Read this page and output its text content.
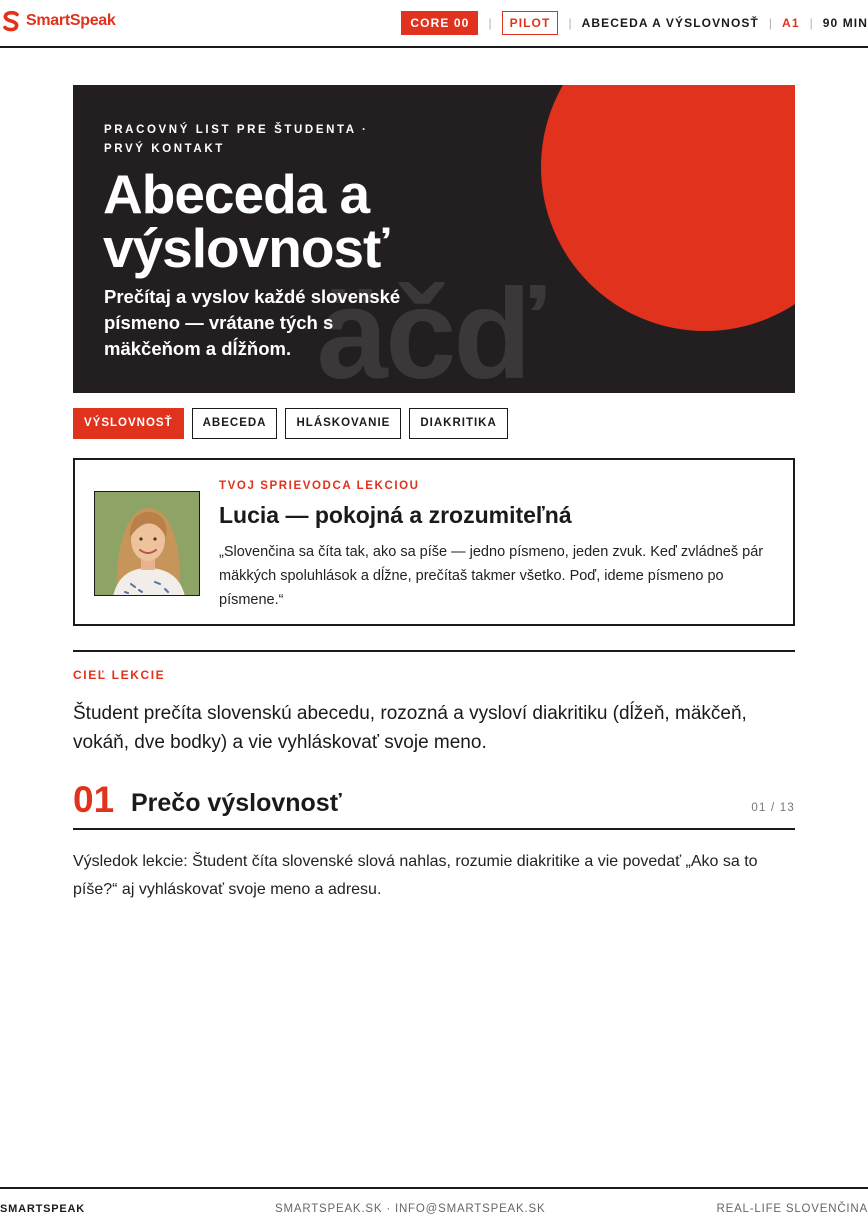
SmartSpeak	CORE 00	|	PILOT	| ABECEDA A VÝSLOVNOSŤ | A1 | 90 MIN
äčď
PRACOVNÝ LIST PRE ŠTUDENTA · PRVÝ KONTAKT
Abeceda a výslovnosť

Prečítaj a vyslov každé slovenské písmeno — vrátane tých s mäkčeňom a dĺžňom.

VÝSLOVNOSŤ	ABECEDA	HLÁSKOVANIE	DIAKRITIKA
TVOJ SPRIEVODCA LEKCIOU
Lucia — pokojná a zrozumiteľná

„Slovenčina sa číta tak, ako sa píše — jedno písmeno, jeden zvuk. Keď zvládneš pár mäkkých spoluhlások a dĺžne, prečítaš takmer všetko. Poď, ideme písmeno po písmene.“

CIEĽ LEKCIE

Študent prečíta slovenskú abecedu, rozozná a vysloví diakritiku (dĺžeň, mäkčeň, vokáň, dve bodky) a vie vyhláskovať svoje meno.

01 Prečo výslovnosť	01 / 13

Výsledok lekcie: Študent číta slovenské slová nahlas, rozumie diakritike a vie povedať „Ako sa to píše?“ aj vyhláskovať svoje meno a adresu.

SMARTSPEAK	SMARTSPEAK.SK · INFO@SMARTSPEAK.SK	REAL-LIFE SLOVENČINA
